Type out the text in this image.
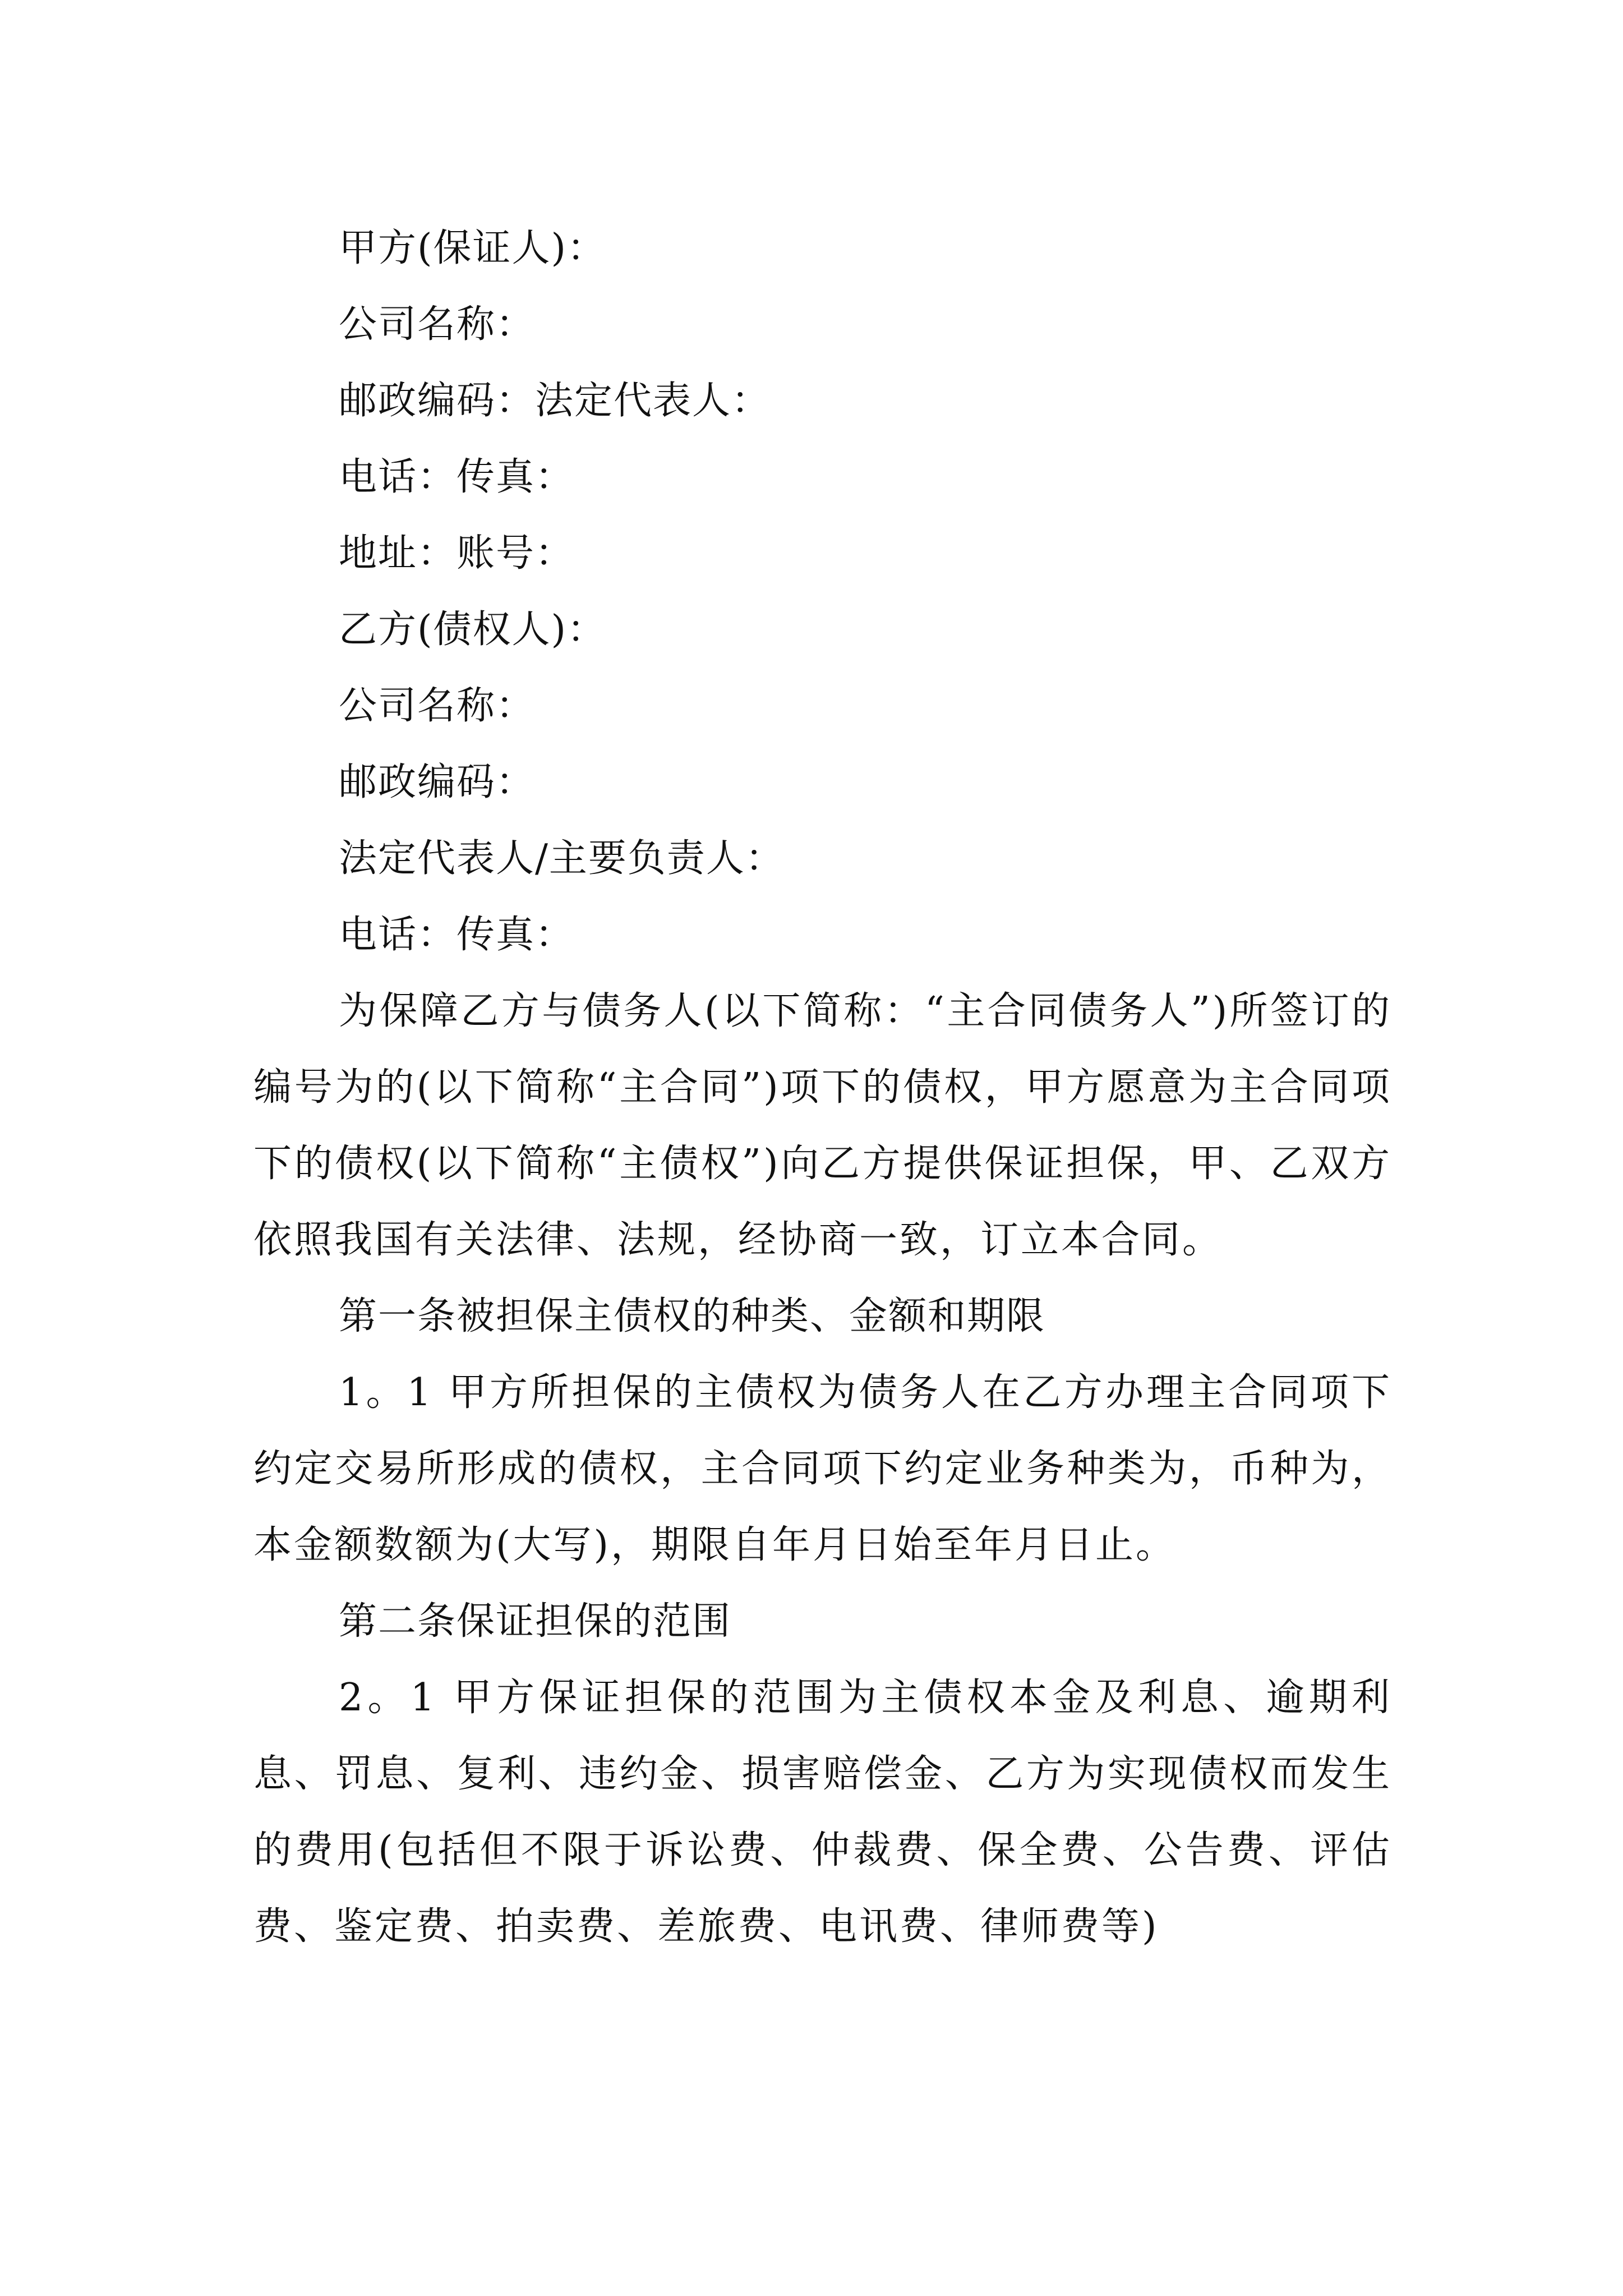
甲方(保证人)：
公司名称：
邮政编码：法定代表人：
电话：传真：
地址：账号：
乙方(债权人)：
公司名称：
邮政编码：
法定代表人/主要负责人：
电话：传真：

为保障乙方与债务人(以下简称：“主合同债务人”)所签订的编号为的(以下简称“主合同”)项下的债权，甲方愿意为主合同项下的债权(以下简称“主债权”)向乙方提供保证担保，甲、乙双方依照我国有关法律、法规，经协商一致，订立本合同。

第一条被担保主债权的种类、金额和期限

1。1 甲方所担保的主债权为债务人在乙方办理主合同项下约定交易所形成的债权，主合同项下约定业务种类为，币种为，本金额数额为(大写)，期限自年月日始至年月日止。

第二条保证担保的范围

2。1 甲方保证担保的范围为主债权本金及利息、逾期利息、罚息、复利、违约金、损害赔偿金、乙方为实现债权而发生的费用(包括但不限于诉讼费、仲裁费、保全费、公告费、评估费、鉴定费、拍卖费、差旅费、电讯费、律师费等)
